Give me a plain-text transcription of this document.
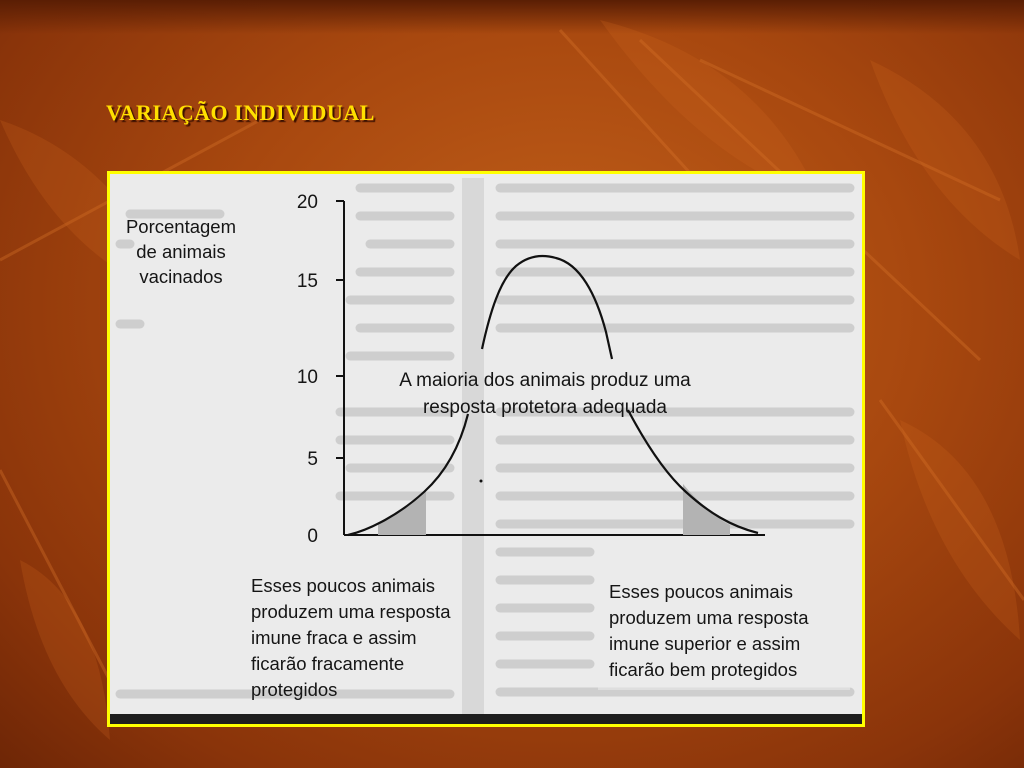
VARIAÇÃO INDIVIDUAL
20
15
10
5
0
Porcentagem
de animais
vacinados
A maioria dos animais produz uma
resposta protetora adequada
Esses poucos animais
produzem uma resposta
imune fraca e assim
ficarão fracamente
protegidos
Esses poucos animais
produzem uma resposta
imune superior e assim
ficarão bem protegidos
